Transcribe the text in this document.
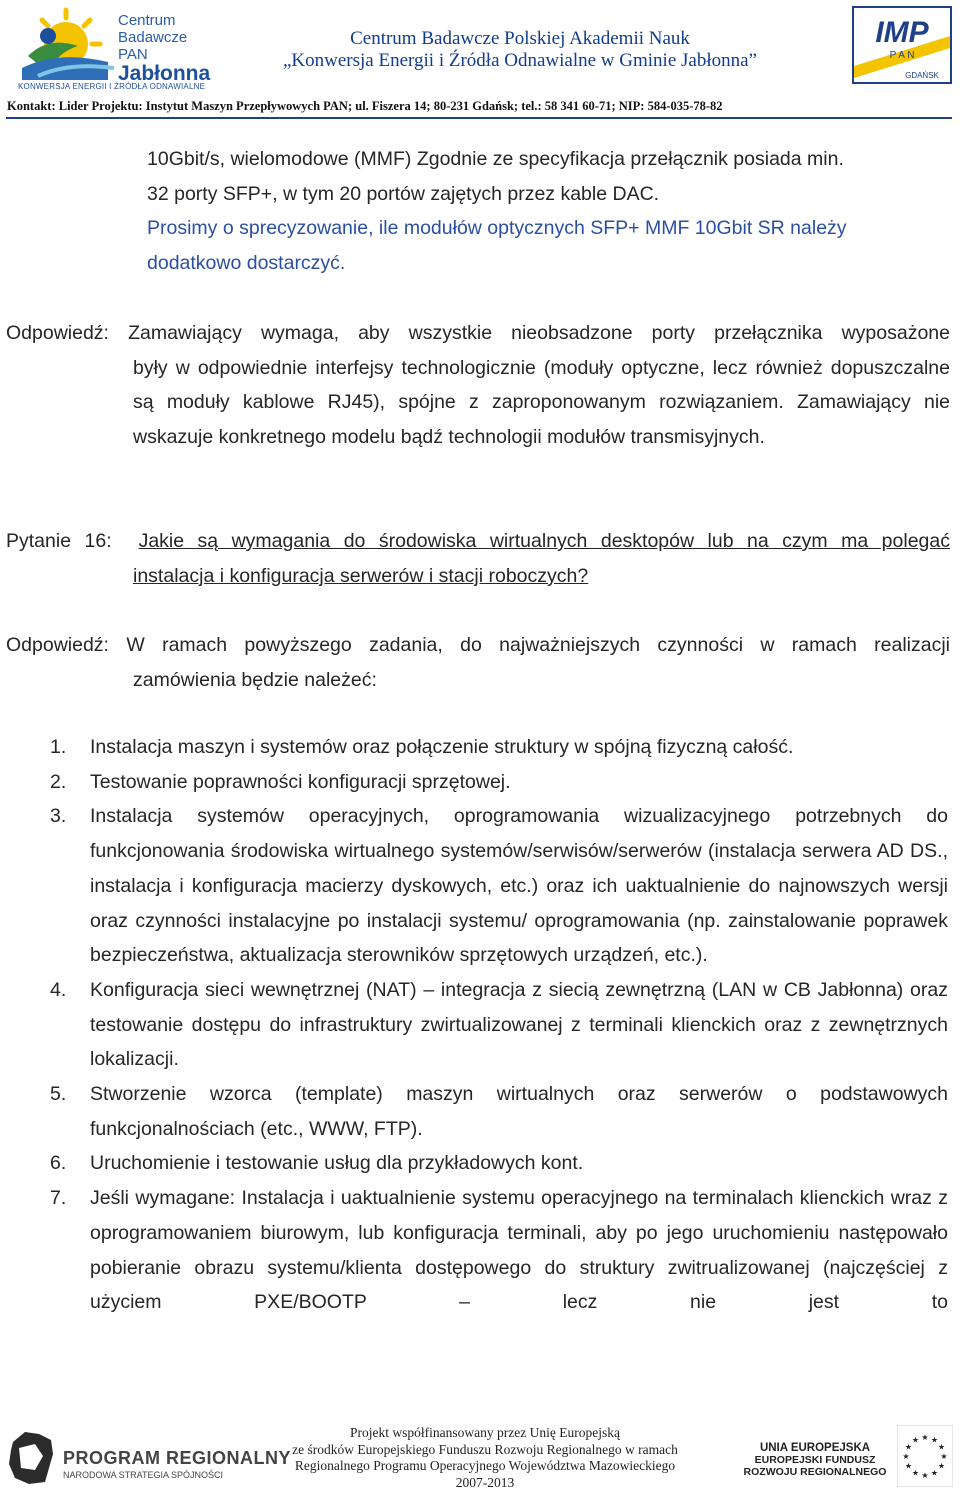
Centrum
Badawcze
PAN
Jabłonna
KONWERSJA ENERGII I ŹRÓDŁA ODNAWIALNE
Centrum Badawcze Polskiej Akademii Nauk
„Konwersja Energii i Źródła Odnawialne w Gminie Jabłonna”
IMP
P A N
GDAŃSK
Kontakt: Lider Projektu: Instytut Maszyn Przepływowych PAN; ul. Fiszera 14; 80-231 Gdańsk; tel.: 58 341 60-71; NIP: 584-035-78-82
10Gbit/s, wielomodowe (MMF) Zgodnie ze specyfikacja przełącznik posiada min.
32 porty SFP+, w tym 20 portów zajętych przez kable DAC.
Prosimy o sprecyzowanie, ile modułów optycznych SFP+ MMF 10Gbit SR należy
dodatkowo dostarczyć.
Odpowiedź: Zamawiający wymaga, aby wszystkie nieobsadzone porty przełącznika wyposażone
były w odpowiednie interfejsy technologicznie (moduły optyczne, lecz również dopuszczalne są moduły kablowe RJ45), spójne z zaproponowanym rozwiązaniem. Zamawiający nie wskazuje konkretnego modelu bądź technologii modułów transmisyjnych.
Pytanie 16: Jakie są wymagania do środowiska wirtualnych desktopów lub na czym ma polegać
instalacja i konfiguracja serwerów i stacji roboczych?
Odpowiedź: W ramach powyższego zadania, do najważniejszych czynności w ramach realizacji
zamówienia będzie należeć:
1. Instalacja maszyn i systemów oraz połączenie struktury w spójną fizyczną całość.
2. Testowanie poprawności konfiguracji sprzętowej.
3. Instalacja systemów operacyjnych, oprogramowania wizualizacyjnego potrzebnych do funkcjonowania środowiska wirtualnego systemów/serwisów/serwerów (instalacja serwera AD DS., instalacja i konfiguracja macierzy dyskowych, etc.) oraz ich uaktualnienie do najnowszych wersji oraz czynności instalacyjne po instalacji systemu/ oprogramowania (np. zainstalowanie poprawek bezpieczeństwa, aktualizacja sterowników sprzętowych urządzeń, etc.).
4. Konfiguracja sieci wewnętrznej (NAT) – integracja z siecią zewnętrzną (LAN w CB Jabłonna) oraz testowanie dostępu do infrastruktury zwirtualizowanej z terminali klienckich oraz z zewnętrznych lokalizacji.
5. Stworzenie wzorca (template) maszyn wirtualnych oraz serwerów o podstawowych funkcjonalnościach (etc., WWW, FTP).
6. Uruchomienie i testowanie usług dla przykładowych kont.
7. Jeśli wymagane: Instalacja i uaktualnienie systemu operacyjnego na terminalach klienckich wraz z oprogramowaniem biurowym, lub konfiguracja terminali, aby po jego uruchomieniu następowało pobieranie obrazu systemu/klienta dostępowego do struktury zwitrualizowanej (najczęściej z użyciem PXE/BOOTP – lecz nie jest to
PROGRAM REGIONALNY
NARODOWA STRATEGIA SPÓJNOŚCI
Projekt współfinansowany przez Unię Europejską
ze środków Europejskiego Funduszu Rozwoju Regionalnego w ramach
Regionalnego Programu Operacyjnego Województwa Mazowieckiego
2007-2013
UNIA EUROPEJSKA
EUROPEJSKI FUNDUSZ
ROZWOJU REGIONALNEGO
★
★
★
★
★
★
★
★
★ ★ ★
★
